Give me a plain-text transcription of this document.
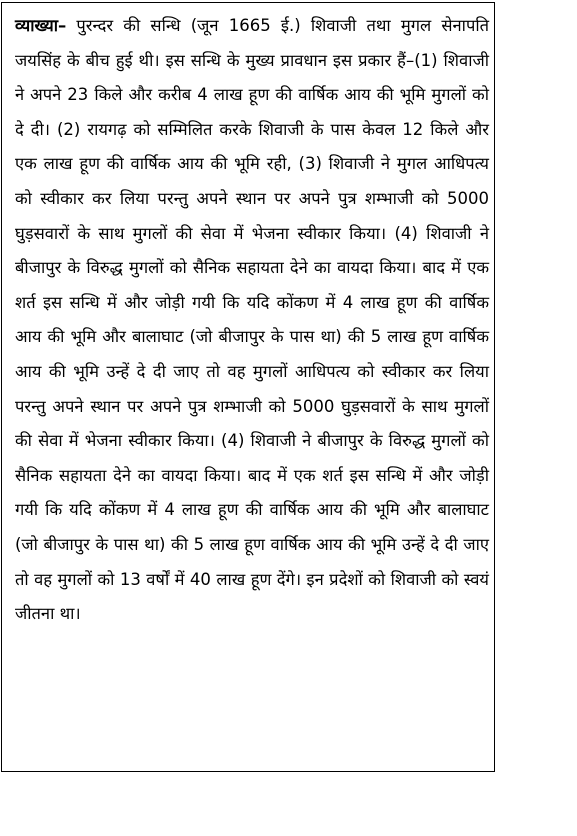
व्याख्या– पुरन्दर की सन्धि (जून 1665 ई.) शिवाजी तथा मुगल सेनापति जयसिंह के बीच हुई थी। इस सन्धि के मुख्य प्रावधान इस प्रकार हैं–(1) शिवाजी ने अपने 23 किले और करीब 4 लाख हूण की वार्षिक आय की भूमि मुगलों को दे दी। (2) रायगढ़ को सम्मिलित करके शिवाजी के पास केवल 12 किले और एक लाख हूण की वार्षिक आय की भूमि रही, (3) शिवाजी ने मुगल आधिपत्य को स्वीकार कर लिया परन्तु अपने स्थान पर अपने पुत्र शम्भाजी को 5000 घुड़सवारों के साथ मुगलों की सेवा में भेजना स्वीकार किया। (4) शिवाजी ने बीजापुर के विरुद्ध मुगलों को सैनिक सहायता देने का वायदा किया। बाद में एक शर्त इस सन्धि में और जोड़ी गयी कि यदि कोंकण में 4 लाख हूण की वार्षिक आय की भूमि और बालाघाट (जो बीजापुर के पास था) की 5 लाख हूण वार्षिक आय की भूमि उन्हें दे दी जाए तो वह मुगलों आधिपत्य को स्वीकार कर लिया परन्तु अपने स्थान पर अपने पुत्र शम्भाजी को 5000 घुड़सवारों के साथ मुगलों की सेवा में भेजना स्वीकार किया। (4) शिवाजी ने बीजापुर के विरुद्ध मुगलों को सैनिक सहायता देने का वायदा किया। बाद में एक शर्त इस सन्धि में और जोड़ी गयी कि यदि कोंकण में 4 लाख हूण की वार्षिक आय की भूमि और बालाघाट (जो बीजापुर के पास था) की 5 लाख हूण वार्षिक आय की भूमि उन्हें दे दी जाए तो वह मुगलों को 13 वर्षों में 40 लाख हूण देंगे। इन प्रदेशों को शिवाजी को स्वयं जीतना था।
